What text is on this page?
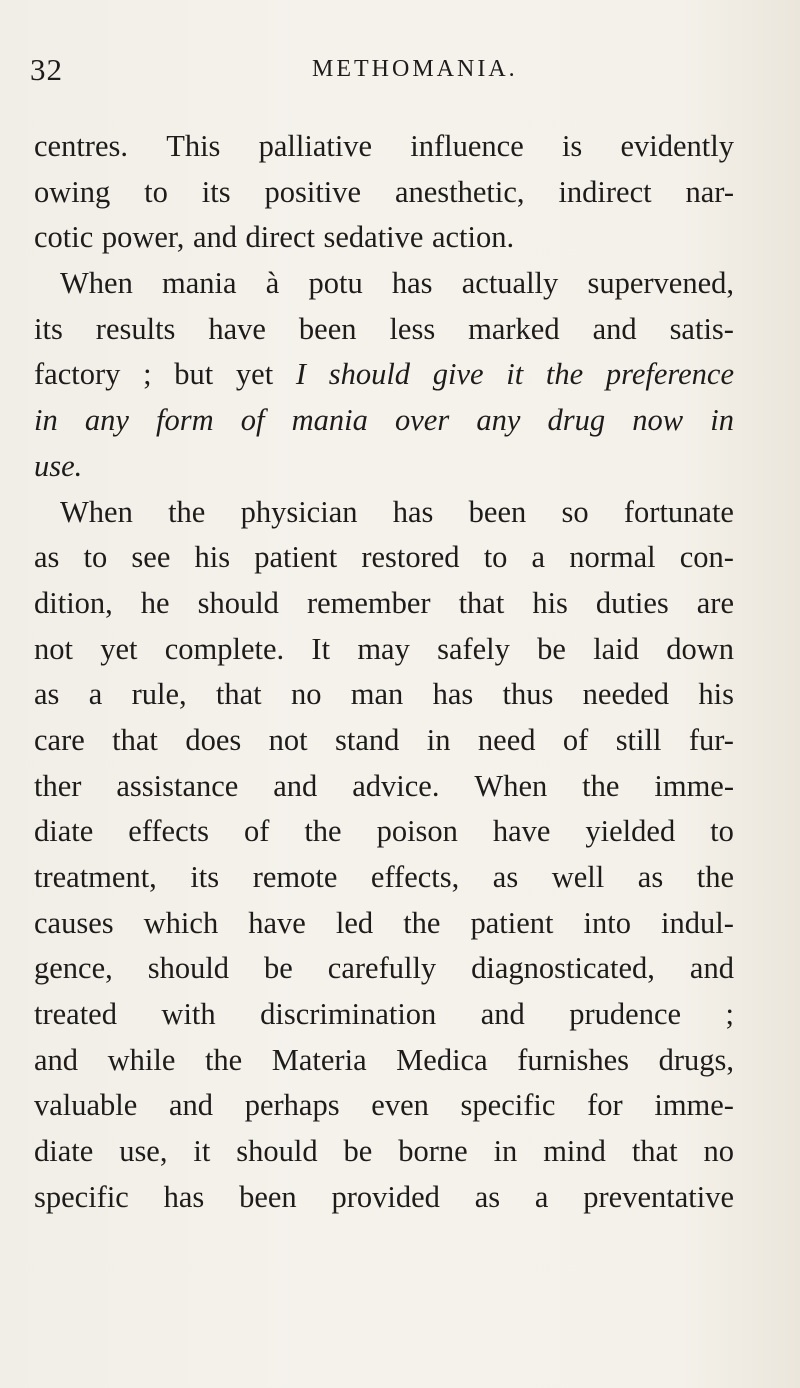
32	METHOMANIA.
centres. This palliative influence is evidently
owing to its positive anesthetic, indirect nar-
cotic power, and direct sedative action.
When mania à potu has actually supervened,
its results have been less marked and satis-
factory ; but yet I should give it the preference
in any form of mania over any drug now in
use.
When the physician has been so fortunate
as to see his patient restored to a normal con-
dition, he should remember that his duties are
not yet complete. It may safely be laid down
as a rule, that no man has thus needed his
care that does not stand in need of still fur-
ther assistance and advice. When the imme-
diate effects of the poison have yielded to
treatment, its remote effects, as well as the
causes which have led the patient into indul-
gence, should be carefully diagnosticated, and
treated with discrimination and prudence ;
and while the Materia Medica furnishes drugs,
valuable and perhaps even specific for imme-
diate use, it should be borne in mind that no
specific has been provided as a preventative
